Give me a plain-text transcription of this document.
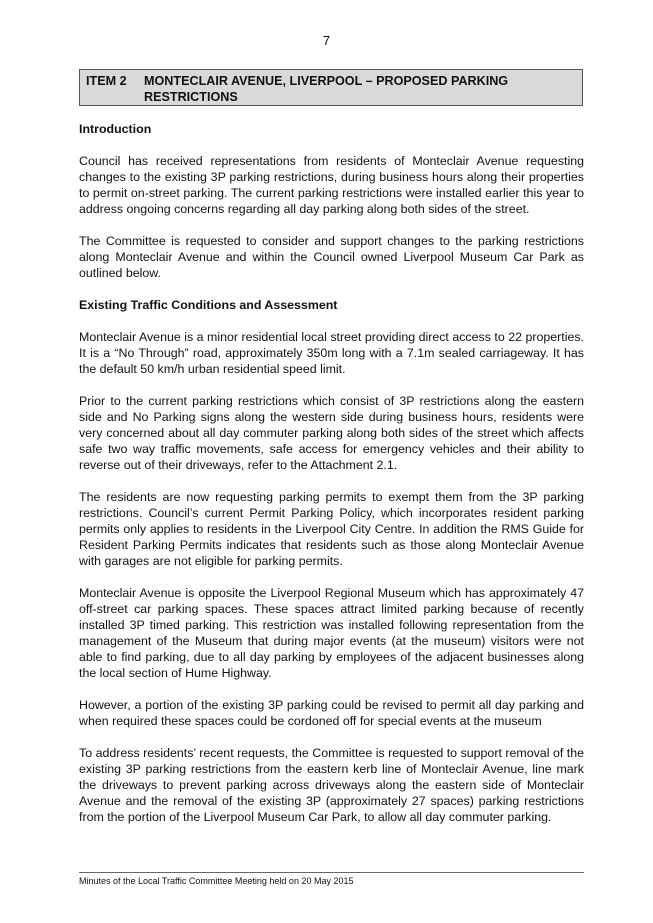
7
ITEM 2 MONTECLAIR AVENUE, LIVERPOOL – PROPOSED PARKING RESTRICTIONS
Introduction

Council has received representations from residents of Monteclair Avenue requesting changes to the existing 3P parking restrictions, during business hours along their properties to permit on-street parking. The current parking restrictions were installed earlier this year to address ongoing concerns regarding all day parking along both sides of the street.

The Committee is requested to consider and support changes to the parking restrictions along Monteclair Avenue and within the Council owned Liverpool Museum Car Park as outlined below.

Existing Traffic Conditions and Assessment

Monteclair Avenue is a minor residential local street providing direct access to 22 properties. It is a “No Through” road, approximately 350m long with a 7.1m sealed carriageway. It has the default 50 km/h urban residential speed limit.

Prior to the current parking restrictions which consist of 3P restrictions along the eastern side and No Parking signs along the western side during business hours, residents were very concerned about all day commuter parking along both sides of the street which affects safe two way traffic movements, safe access for emergency vehicles and their ability to reverse out of their driveways, refer to the Attachment 2.1.

The residents are now requesting parking permits to exempt them from the 3P parking restrictions. Council’s current Permit Parking Policy, which incorporates resident parking permits only applies to residents in the Liverpool City Centre. In addition the RMS Guide for Resident Parking Permits indicates that residents such as those along Monteclair Avenue with garages are not eligible for parking permits.

Monteclair Avenue is opposite the Liverpool Regional Museum which has approximately 47 off-street car parking spaces. These spaces attract limited parking because of recently installed 3P timed parking. This restriction was installed following representation from the management of the Museum that during major events (at the museum) visitors were not able to find parking, due to all day parking by employees of the adjacent businesses along the local section of Hume Highway.

However, a portion of the existing 3P parking could be revised to permit all day parking and when required these spaces could be cordoned off for special events at the museum

To address residents’ recent requests, the Committee is requested to support removal of the existing 3P parking restrictions from the eastern kerb line of Monteclair Avenue, line mark the driveways to prevent parking across driveways along the eastern side of Monteclair Avenue and the removal of the existing 3P (approximately 27 spaces) parking restrictions from the portion of the Liverpool Museum Car Park, to allow all day commuter parking.

Minutes of the Local Traffic Committee Meeting held on 20 May 2015
